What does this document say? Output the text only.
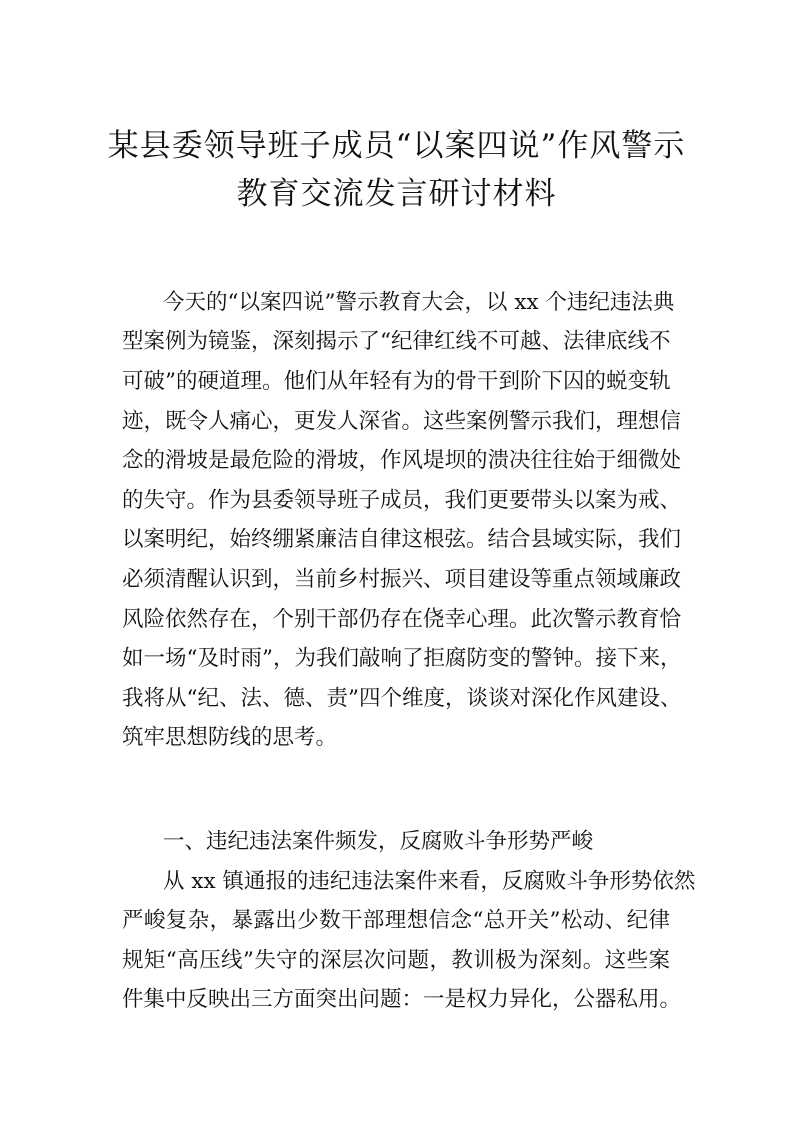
某县委领导班子成员“以案四说”作风警示
教育交流发言研讨材料
今天的“以案四说”警示教育大会，以 xx 个违纪违法典
型案例为镜鉴，深刻揭示了“纪律红线不可越、法律底线不
可破”的硬道理。他们从年轻有为的骨干到阶下囚的蜕变轨
迹，既令人痛心，更发人深省。这些案例警示我们，理想信
念的滑坡是最危险的滑坡，作风堤坝的溃决往往始于细微处
的失守。作为县委领导班子成员，我们更要带头以案为戒、
以案明纪，始终绷紧廉洁自律这根弦。结合县域实际，我们
必须清醒认识到，当前乡村振兴、项目建设等重点领域廉政
风险依然存在，个别干部仍存在侥幸心理。此次警示教育恰
如一场“及时雨”，为我们敲响了拒腐防变的警钟。接下来，
我将从“纪、法、德、责”四个维度，谈谈对深化作风建设、
筑牢思想防线的思考。
一、违纪违法案件频发，反腐败斗争形势严峻
从 xx 镇通报的违纪违法案件来看，反腐败斗争形势依然
严峻复杂，暴露出少数干部理想信念“总开关”松动、纪律
规矩“高压线”失守的深层次问题，教训极为深刻。这些案
件集中反映出三方面突出问题：一是权力异化，公器私用。
